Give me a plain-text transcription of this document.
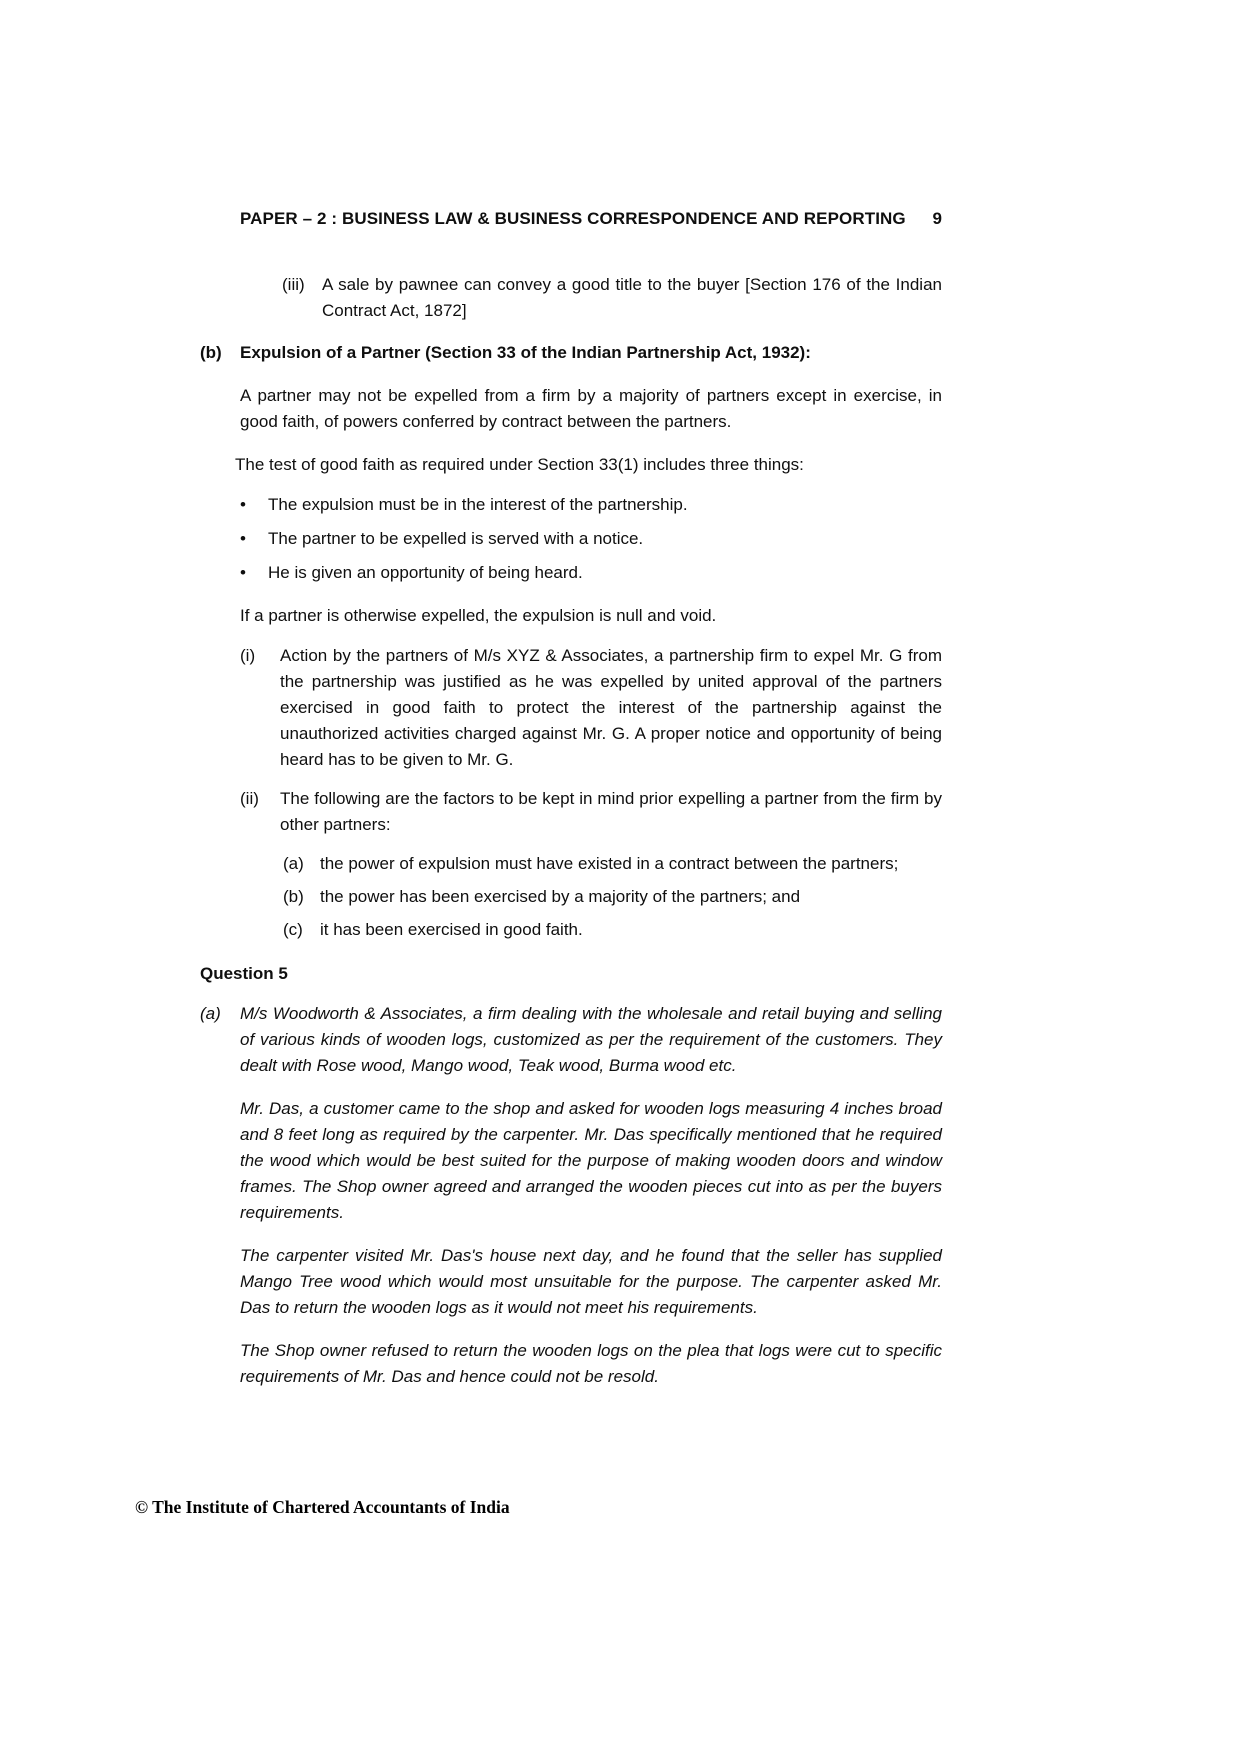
PAPER – 2 : BUSINESS LAW & BUSINESS CORRESPONDENCE AND REPORTING 9
(iii)	A sale by pawnee can convey a good title to the buyer [Section 176 of the Indian Contract Act, 1872]
(b)	Expulsion of a Partner (Section 33 of the Indian Partnership Act, 1932):

A partner may not be expelled from a firm by a majority of partners except in exercise, in good faith, of powers conferred by contract between the partners.

The test of good faith as required under Section 33(1) includes three things:

•	The expulsion must be in the interest of the partnership.
•	The partner to be expelled is served with a notice.
•	He is given an opportunity of being heard.

If a partner is otherwise expelled, the expulsion is null and void.

(i)	Action by the partners of M/s XYZ & Associates, a partnership firm to expel Mr. G from the partnership was justified as he was expelled by united approval of the partners exercised in good faith to protect the interest of the partnership against the unauthorized activities charged against Mr. G. A proper notice and opportunity of being heard has to be given to Mr. G.
(ii)	The following are the factors to be kept in mind prior expelling a partner from the firm by other partners:
(a) the power of expulsion must have existed in a contract between the partners;
(b) the power has been exercised by a majority of the partners; and
(c)	it has been exercised in good faith.
Question 5
(a)	M/s Woodworth & Associates, a firm dealing with the wholesale and retail buying and selling of various kinds of wooden logs, customized as per the requirement of the customers. They dealt with Rose wood, Mango wood, Teak wood, Burma wood etc.

Mr. Das, a customer came to the shop and asked for wooden logs measuring 4 inches broad and 8 feet long as required by the carpenter. Mr. Das specifically mentioned that he required the wood which would be best suited for the purpose of making wooden doors and window frames. The Shop owner agreed and arranged the wooden pieces cut into as per the buyers requirements.

The carpenter visited Mr. Das's house next day, and he found that the seller has supplied Mango Tree wood which would most unsuitable for the purpose. The carpenter asked Mr. Das to return the wooden logs as it would not meet his requirements.

The Shop owner refused to return the wooden logs on the plea that logs were cut to specific requirements of Mr. Das and hence could not be resold.

© The Institute of Chartered Accountants of India
